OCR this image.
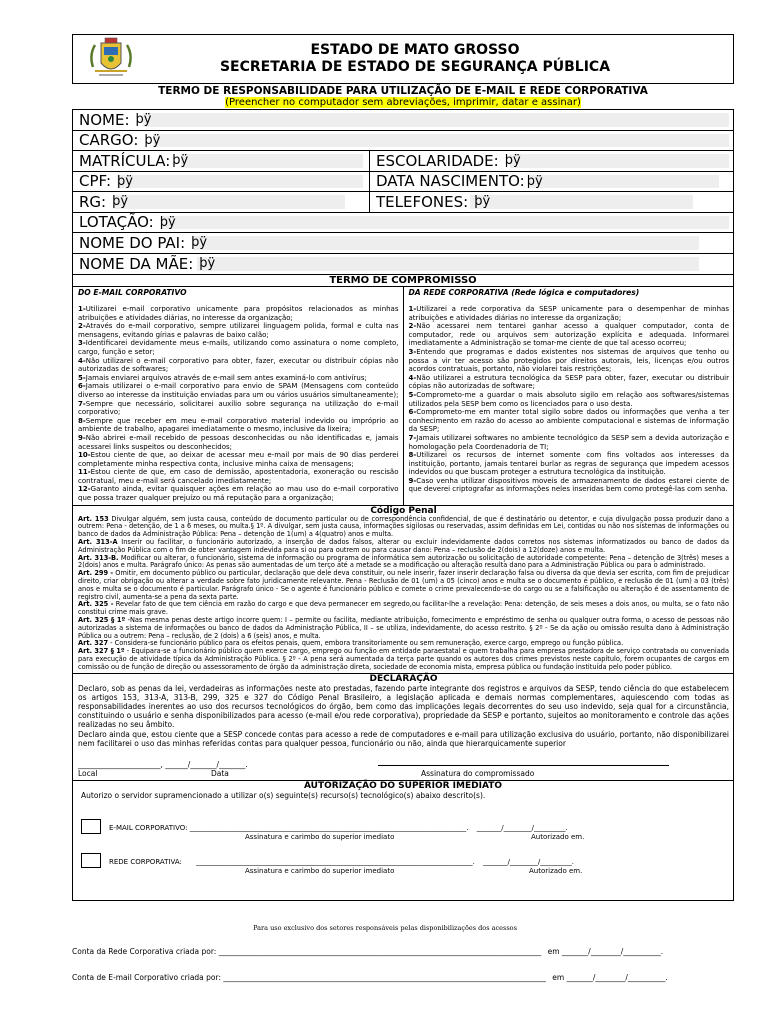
ESTADO DE MATO GROSSO
SECRETARIA DE ESTADO DE SEGURANÇA PÚBLICA
TERMO DE RESPONSABILIDADE PARA UTILIZAÇÃO DE E-MAIL E REDE CORPORATIVA
(Preencher no computador sem abreviações, imprimir, datar e assinar)
NOME: þÿ
CARGO: þÿ
MATRÍCULA: þÿ	ESCOLARIDADE: þÿ
CPF: þÿ	DATA NASCIMENTO: þÿ
RG: þÿ	TELEFONES: þÿ
LOTAÇÃO: þÿ
NOME DO PAI: þÿ
NOME DA MÃE: þÿ
TERMO DE COMPROMISSO
DO E-MAIL CORPORATIVO

1-Utilizarei e-mail corporativo unicamente para propósitos relacionados as minhas atribuições e atividades diárias, no interesse da organização;

2-Através do e-mail corporativo, sempre utilizarei linguagem polida, formal e culta nas mensagens, evitando gírias e palavras de baixo calão;

3-Identificarei devidamente meus e-mails, utilizando como assinatura o nome completo, cargo, função e setor;

4-Não utilizarei o e-mail corporativo para obter, fazer, executar ou distribuir cópias não autorizadas de softwares;

5-Jamais enviarei arquivos através de e-mail sem antes examiná-lo com antivírus;

6-Jamais utilizarei o e-mail corporativo para envio de SPAM (Mensagens com conteúdo diverso ao interesse da instituição enviadas para um ou vários usuários simultaneamente);

7-Sempre que necessário, solicitarei auxílio sobre segurança na utilização do e-mail corporativo;

8-Sempre que receber em meu e-mail corporativo material indevido ou impróprio ao ambiente de trabalho, apagarei imediatamente o mesmo, inclusive da lixeira;

9-Não abrirei e-mail recebido de pessoas desconhecidas ou não identificadas e, jamais acessarei links suspeitos ou desconhecidos;

10-Estou ciente de que, ao deixar de acessar meu e-mail por mais de 90 dias perderei completamente minha respectiva conta, inclusive minha caixa de mensagens;

11-Estou ciente de que, em caso de demissão, apostentadoria, exoneração ou rescisão contratual, meu e-mail será cancelado imediatamente;

12-Garanto ainda, evitar quaisquer ações em relação ao mau uso do e-mail corporativo que possa trazer qualquer prejuízo ou má reputação para a organização;

DA REDE CORPORATIVA (Rede lógica e computadores)

1-Utilizarei a rede corporativa da SESP unicamente para o desempenhar de minhas atribuições e atividades diárias no interesse da organização;

2-Não acessarei nem tentarei ganhar acesso a qualquer computador, conta de computador, rede ou arquivos sem autorização explícita e adequada. Informarei imediatamente a Administração se tomar-me ciente de que tal acesso ocorreu;

3-Entendo que programas e dados existentes nos sistemas de arquivos que tenho ou possa a vir ter acesso são protegidos por direitos autorais, leis, licenças e/ou outros acordos contratuais, portanto, não violarei tais restrições;

4-Não utilizarei a estrutura tecnológica da SESP para obter, fazer, executar ou distribuir cópias não autorizadas de software;

5-Comprometo-me a guardar o mais absoluto sigilo em relação aos softwares/sistemas utilizados pela SESP bem como os licenciados para o uso desta.

6-Comprometo-me em manter total sigilo sobre dados ou informações que venha a ter conhecimento em razão do acesso ao ambiente computacional e sistemas de informação da SESP;

7-Jamais utilizarei softwares no ambiente tecnológico da SESP sem a devida autorização e homologação pela Coordenadoria de TI;

8-Utilizarei os recursos de internet somente com fins voltados aos interesses da instituição, portanto, jamais tentarei burlar as regras de segurança que impedem acessos indevidos ou que buscam proteger a estrutura tecnológica da instituição.

9-Caso venha utilizar dispositivos moveis de armazenamento de dados estarei ciente de que deverei criptografar as informações neles inseridas bem como protegê-las com senha.

Código Penal

Art. 153 Divulgar alguém, sem justa causa, conteúdo de documento particular ou de correspondência confidencial, de que é destinatário ou detentor, e cuja divulgação possa produzir dano a outrem: Pena - detenção, de 1 a 6 meses, ou multa.§ 1º. A divulgar, sem justa causa, informações sigilosas ou reservadas, assim definidas em Lei, contidas ou não nos sistemas de informações ou banco de dados da Administração Pública: Pena – detenção de 1(um) a 4(quatro) anos e multa.

Art. 313-A Inserir ou facilitar, o funcionário autorizado, a inserção de dados falsos, alterar ou excluir indevidamente dados corretos nos sistemas informatizados ou banco de dados da Administração Pública com o fim de obter vantagem indevida para si ou para outrem ou para causar dano: Pena – reclusão de 2(dois) a 12(doze) anos e multa.

Art. 313-B. Modificar ou alterar, o funcionário, sistema de informação ou programa de informática sem autorização ou solicitação de autoridade competente: Pena – detenção de 3(três) meses a 2(dois) anos e multa. Parágrafo único: As penas são aumentadas de um terço até a metade se a modificação ou alteração resulta dano para a Administração Pública ou para o administrado.

Art. 299 - Omitir, em documento público ou particular, declaração que dele deva constituir, ou nele inserir, fazer inserir declaração falsa ou diversa da que devia ser escrita, com fim de prejudicar direito, criar obrigação ou alterar a verdade sobre fato juridicamente relevante. Pena - Reclusão de 01 (um) a 05 (cinco) anos e multa se o documento é público, e reclusão de 01 (um) a 03 (três) anos e multa se o documento é particular. Parágrafo único - Se o agente é funcionário público e comete o crime prevalecendo-se do cargo ou se a falsificação ou alteração é de assentamento de registro civil, aumenta-se a pena da sexta parte.

Art. 325 - Revelar fato de que tem ciência em razão do cargo e que deva permanecer em segredo,ou facilitar-lhe a revelação: Pena: detenção, de seis meses a dois anos, ou multa, se o fato não constitui crime mais grave.

Art. 325 § 1º -Nas mesma penas deste artigo incorre quem: I – permite ou facilita, mediante atribuição, fornecimento e empréstimo de senha ou qualquer outra forma, o acesso de pessoas não autorizadas a sistema de informações ou banco de dados da Administração Pública, II – se utiliza, indevidamente, do acesso restrito. § 2º - Se da ação ou omissão resulta dano à Administração Pública ou a outrem: Pena – reclusão, de 2 (dois) a 6 (seis) anos, e multa.

Art. 327 - Considera-se funcionário público para os efeitos penais, quem, embora transitoriamente ou sem remuneração, exerce cargo, emprego ou função pública.

Art. 327 § 1º - Equipara-se a funcionário público quem exerce cargo, emprego ou função em entidade paraestatal e quem trabalha para empresa prestadora de serviço contratada ou conveniada para execução de atividade típica da Administração Pública. § 2º - A pena será aumentada da terça parte quando os autores dos crimes previstos neste capítulo, forem ocupantes de cargos em comissão ou de função de direção ou assessoramento de órgão da administração direta, sociedade de economia mista, empresa pública ou fundação instituída pelo poder público.

DECLARAÇÃO
Declaro, sob as penas da lei, verdadeiras as informações neste ato prestadas, fazendo parte integrante dos registros e arquivos da SESP, tendo ciência do que estabelecem os artigos 153, 313-A, 313-B, 299, 325 e 327 do Código Penal Brasileiro, a legislação aplicada e demais normas complementares, aquiescendo com todas as responsabilidades inerentes ao uso dos recursos tecnológicos do órgão, bem como das implicações legais decorrentes do seu uso indevido, seja qual for a circunstância, constituindo o usuário e senha disponibilizados para acesso (e-mail e/ou rede corporativa), propriedade da SESP e portanto, sujeitos ao monitoramento e controle das ações realizadas no seu âmbito.
Declaro ainda que, estou ciente que a SESP concede contas para acesso a rede de computadores e e-mail para utilização exclusiva do usuário, portanto, não disponibilizarei nem facilitarei o uso das minhas referidas contas para qualquer pessoa, funcionário ou não, ainda que hierarquicamente superior
______________________, ______/_______/_______.
Local	Data	Assinatura do compromissado
AUTORIZAÇÃO DO SUPERIOR IMEDIATO
Autorizo o servidor supramencionado a utilizar o(s) seguinte(s) recurso(s) tecnológico(s) abaixo descrito(s).
E-MAIL CORPORATIVO: _______________________________________________________________________________. _______/________/_________.
Assinatura e carimbo do superior imediato	Autorizado em.
REDE CORPORATIVA: _______________________________________________________________________________. _______/________/_________.
Assinatura e carimbo do superior imediato	Autorizado em.
Para uso exclusivo dos setores responsáveis pelas disponibilizações dos acessos
Conta da Rede Corporativa criada por: ______________________________________________________________________________________ em _______/________/__________.
Conta de E-mail Corporativo criada por: ______________________________________________________________________________________ em _______/________/__________.
